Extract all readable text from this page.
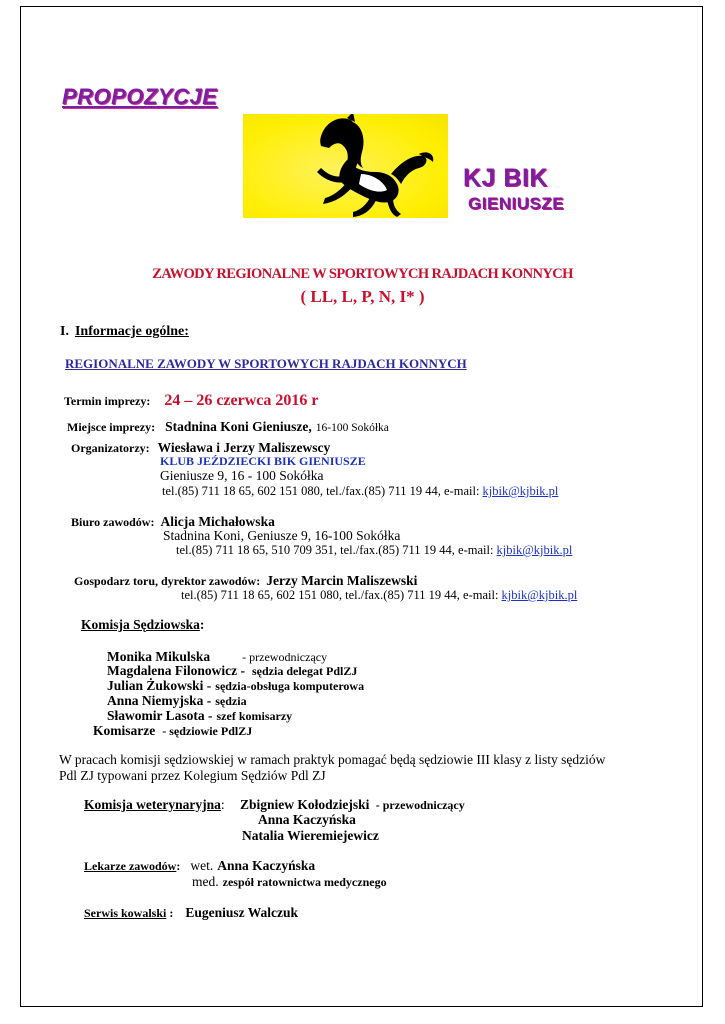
PROPOZYCJE
KJ BIK
GIENIUSZE
ZAWODY REGIONALNE W SPORTOWYCH RAJDACH KONNYCH
( LL, L, P, N, I* )
I. Informacje ogólne:
REGIONALNE ZAWODY W SPORTOWYCH RAJDACH KONNYCH
Termin imprezy: 24 – 26 czerwca 2016 r
Miejsce imprezy: Stadnina Koni Gieniusze, 16-100 Sokółka
Organizatorzy: Wiesława i Jerzy Maliszewscy
KLUB JEŹDZIECKI BIK GIENIUSZE
Gieniusze 9, 16 - 100 Sokółka
tel.(85) 711 18 65, 602 151 080, tel./fax.(85) 711 19 44, e-mail: kjbik@kjbik.pl
Biuro zawodów: Alicja Michałowska
Stadnina Koni, Geniusze 9, 16-100 Sokółka
tel.(85) 711 18 65, 510 709 351, tel./fax.(85) 711 19 44, e-mail: kjbik@kjbik.pl
Gospodarz toru, dyrektor zawodów: Jerzy Marcin Maliszewski
tel.(85) 711 18 65, 602 151 080, tel./fax.(85) 711 19 44, e-mail: kjbik@kjbik.pl
Komisja Sędziowska:
Monika Mikulska	- przewodniczący
Magdalena Filonowicz - sędzia delegat PdlZJ
Julian Żukowski - sędzia-obsługa komputerowa
Anna Niemyjska - sędzia
Sławomir Lasota - szef komisarzy
Komisarze - sędziowie PdlZJ
W pracach komisji sędziowskiej w ramach praktyk pomagać będą sędziowie III klasy z listy sędziów
Pdl ZJ typowani przez Kolegium Sędziów Pdl ZJ
Komisja weterynaryjna: Zbigniew Kołodziejski - przewodniczący
Anna Kaczyńska
Natalia Wieremiejewicz
Lekarze zawodów: wet. Anna Kaczyńska
med. zespół ratownictwa medycznego
Serwis kowalski : Eugeniusz Walczuk
